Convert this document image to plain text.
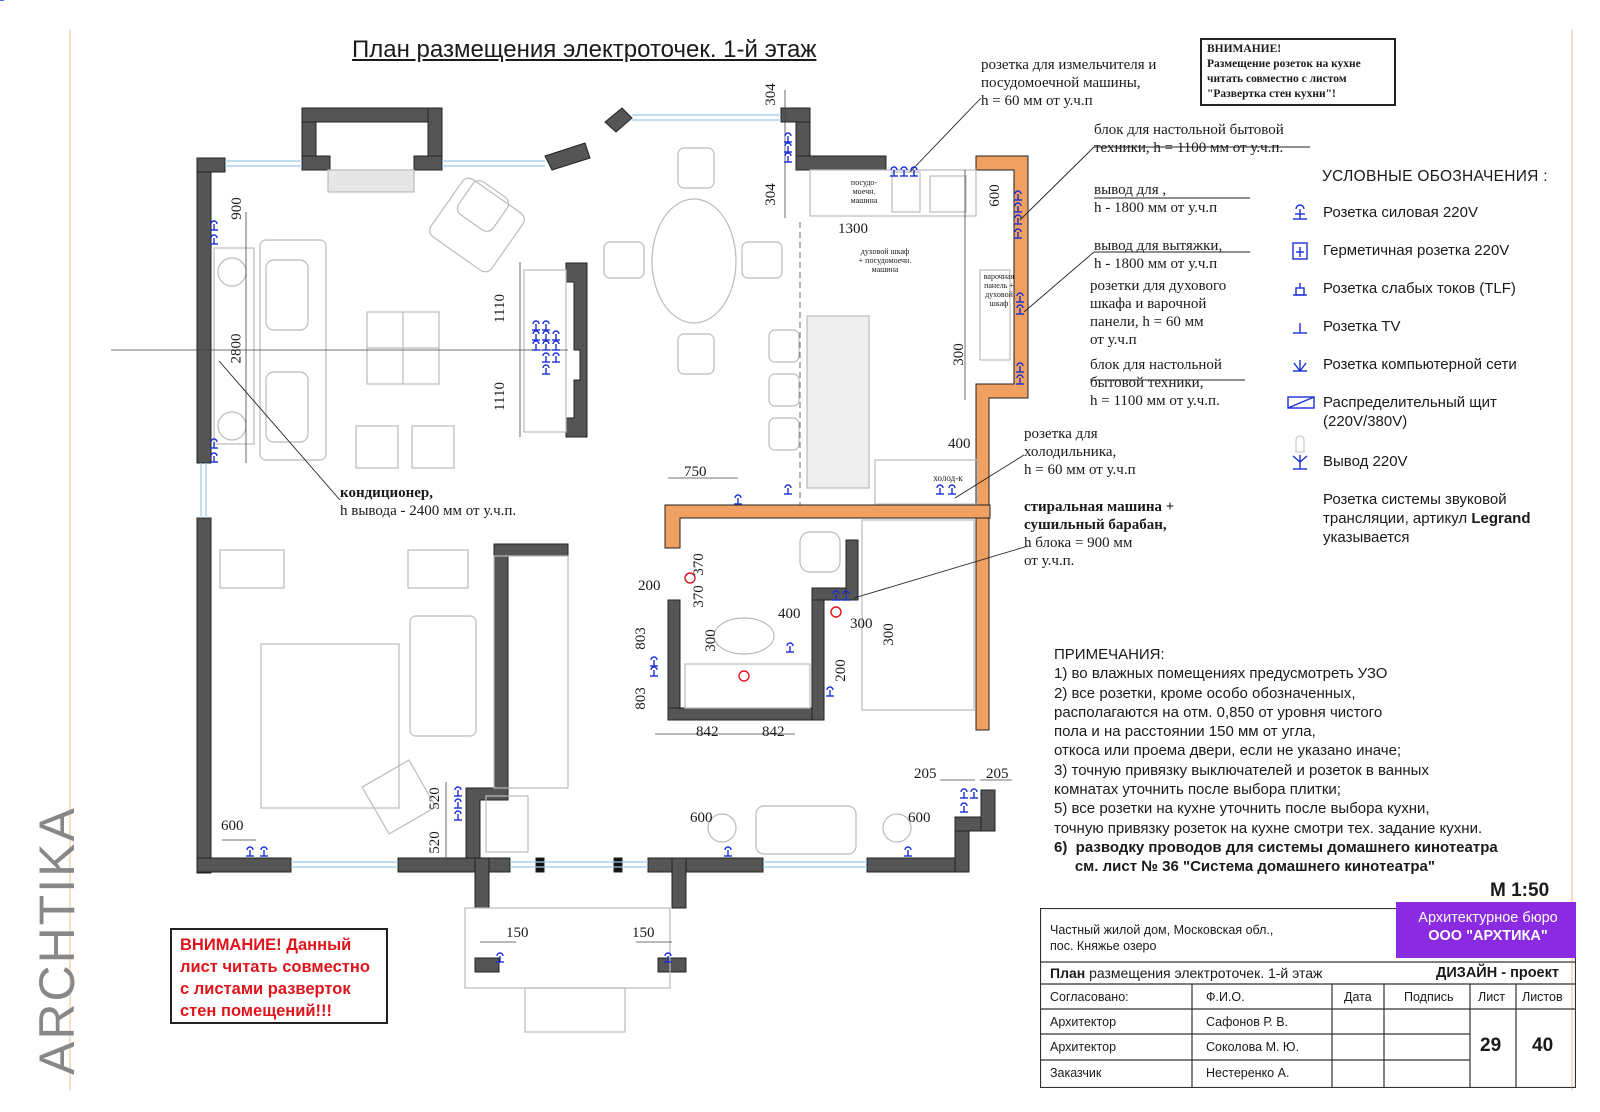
План размещения электроточек. 1-й этаж	ВНИМАНИЕ!
Размещение розеток на кухне
читать совместно с листом
"Развертка стен кухни"!
розетка для измельчителя и
посудомоечной машины,
h = 60 мм от у.ч.п
блок для настольной бытовой
техники, h = 1100 мм от у.ч.п.
вывод для ,
h - 1800 мм от у.ч.п
вывод для вытяжки,
h - 1800 мм от у.ч.п
розетки для духового
шкафа и варочной
панели, h = 60 мм
от у.ч.п
блок для настольной
бытовой техники,
h = 1100 мм от у.ч.п.
розетка для
холодильника,
h = 60 мм от у.ч.п
стиральная машина +
сушильный барабан,
h блока = 900 мм
от у.ч.п.
кондиционер,
h вывода - 2400 мм от у.ч.п.
посудо-
моечн.
машина
духовой шкаф
+ посудомоечн.
машина
варочная
панель +
духовой
шкаф
холод-к
304
304
1300
600
900
2800
1110
1110
300
400
750
200
370
370
803
803
300
400
300 300
200
842	842
520
520
600	600	600
205	205
150	150
УСЛОВНЫЕ ОБОЗНАЧЕНИЯ :
Розетка силовая 220V
Герметичная розетка 220V
Розетка слабых токов (TLF)
Розетка TV
Розетка компьютерной сети
Распределительный щит (220V/380V)
Вывод 220V
Розетка системы звуковой трансляции, артикул Legrand указывается
ПРИМЕЧАНИЯ:
1) во влажных помещениях предусмотреть УЗО
2) все розетки, кроме особо обозначенных,
располагаются на отм. 0,850 от уровня чистого
пола и на расстоянии 150 мм от угла,
откоса или проема двери, если не указано иначе;
3) точную привязку выключателей и розеток в ванных
комнатах уточнить после выбора плитки;
5) все розетки на кухне уточнить после выбора кухни,
точную привязку розеток на кухне смотри тех. задание кухни.
6)  разводку проводов для системы домашнего кинотеатра
см. лист № 36 "Система домашнего кинотеатра"
ВНИМАНИЕ! Данный
лист читать совместно
с листами разверток
стен помещений!!!
М 1:50
Частный жилой дом, Московская обл.,
пос. Княжье озеро
Архитектурное бюро
ООО "АРХТИКА"
План размещения электроточек. 1-й этаж	ДИЗАЙН - проект
Согласовано:	Ф.И.О.	Дата	Подпись Лист Листов
Архитектор	Сафонов Р. В.
Архитектор	Соколова М. Ю.
Заказчик	Нестеренко А.
29 40
ARCHTIKA
